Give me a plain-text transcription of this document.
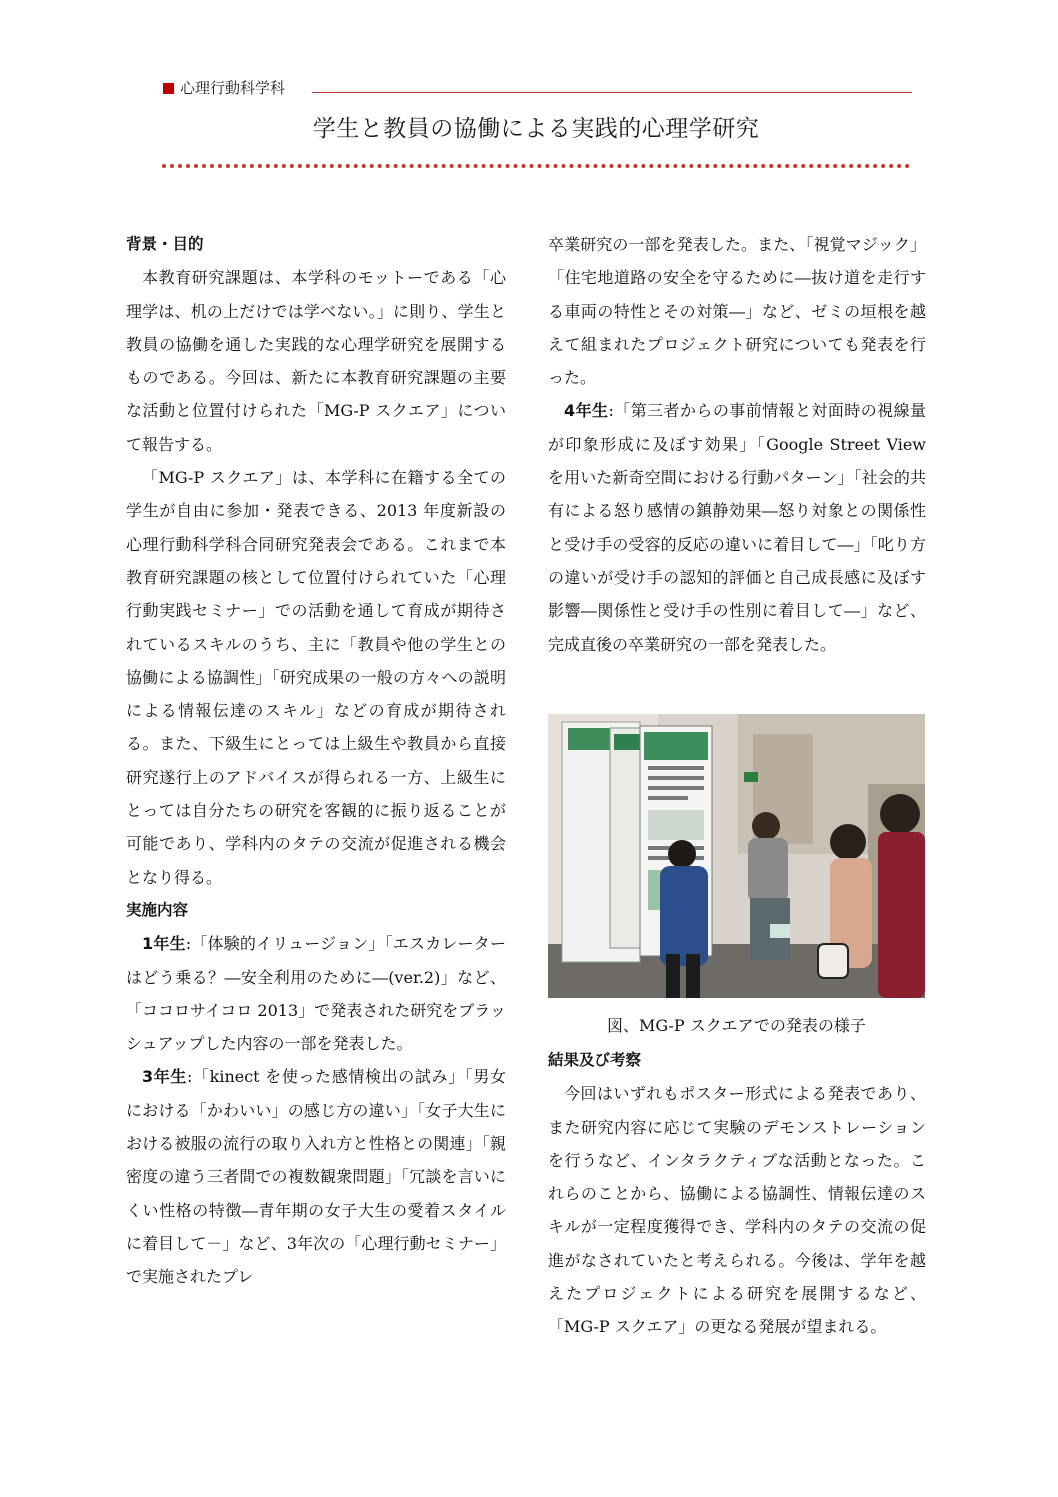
心理行動科学科
学生と教員の協働による実践的心理学研究

背景・目的

本教育研究課題は、本学科のモットーである「心理学は、机の上だけでは学べない。」に則り、学生と教員の協働を通した実践的な心理学研究を展開するものである。今回は、新たに本教育研究課題の主要な活動と位置付けられた「MG-P スクエア」について報告する。

「MG-P スクエア」は、本学科に在籍する全ての学生が自由に参加・発表できる、2013 年度新設の心理行動科学科合同研究発表会である。これまで本教育研究課題の核として位置付けられていた「心理行動実践セミナー」での活動を通して育成が期待されているスキルのうち、主に「教員や他の学生との協働による協調性」「研究成果の一般の方々への説明による情報伝達のスキル」などの育成が期待される。また、下級生にとっては上級生や教員から直接研究遂行上のアドバイスが得られる一方、上級生にとっては自分たちの研究を客観的に振り返ることが可能であり、学科内のタテの交流が促進される機会となり得る。

実施内容

1年生:「体験的イリュージョン」「エスカレーターはどう乗る？―安全利用のために―(ver.2)」など、「ココロサイコロ 2013」で発表された研究をブラッシュアップした内容の一部を発表した。

3年生:「kinect を使った感情検出の試み」「男女における「かわいい」の感じ方の違い」「女子大生における被服の流行の取り入れ方と性格との関連」「親密度の違う三者間での複数観衆問題」「冗談を言いにくい性格の特徴―青年期の女子大生の愛着スタイルに着目して－」など、3年次の「心理行動セミナー」で実施されたプレ

卒業研究の一部を発表した。また、「視覚マジック」「住宅地道路の安全を守るために―抜け道を走行する車両の特性とその対策―」など、ゼミの垣根を越えて組まれたプロジェクト研究についても発表を行った。

4年生:「第三者からの事前情報と対面時の視線量が印象形成に及ぼす効果」「Google Street View を用いた新奇空間における行動パターン」「社会的共有による怒り感情の鎮静効果―怒り対象との関係性と受け手の受容的反応の違いに着目して―」「叱り方の違いが受け手の認知的評価と自己成長感に及ぼす影響―関係性と受け手の性別に着目して―」など、完成直後の卒業研究の一部を発表した。

図、MG-P スクエアでの発表の様子

結果及び考察

今回はいずれもポスター形式による発表であり、また研究内容に応じて実験のデモンストレーションを行うなど、インタラクティブな活動となった。これらのことから、協働による協調性、情報伝達のスキルが一定程度獲得でき、学科内のタテの交流の促進がなされていたと考えられる。今後は、学年を越えたプロジェクトによる研究を展開するなど、「MG-P スクエア」の更なる発展が望まれる。
